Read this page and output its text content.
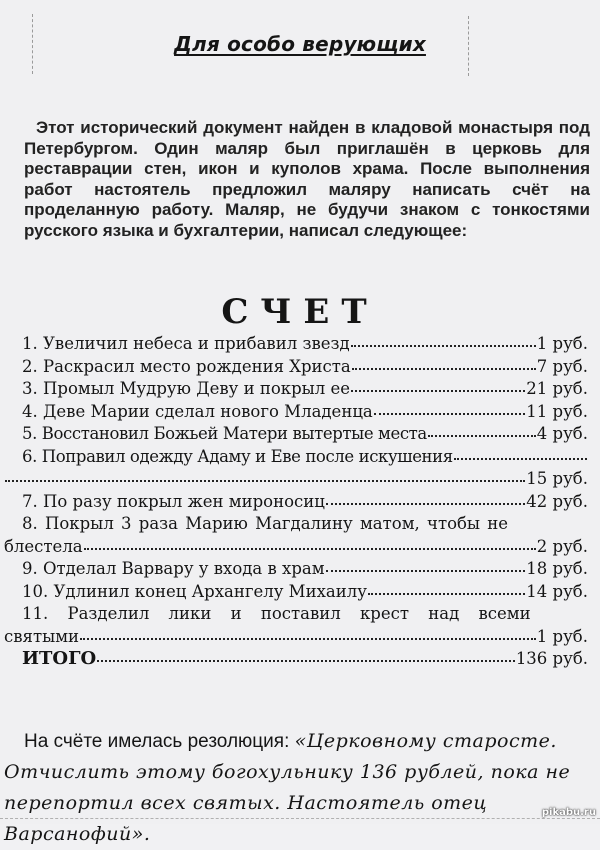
Для особо верующих
Этот исторический документ найден в кладовой монастыря под Петербургом. Один маляр был приглашён в церковь для реставрации стен, икон и куполов храма. После выполнения работ настоятель предложил маляру написать счёт на проделанную работу. Маляр, не будучи знаком с тонкостями русского языка и бухгалтерии, написал следующее:
СЧЕТ
1. Увеличил небеса и прибавил звезд	1 руб.
2. Раскрасил место рождения Христа	7 руб.
3. Промыл Мудрую Деву и покрыл ее	21 руб.
4. Деве Марии сделал нового Младенца	11 руб.
5. Восстановил Божьей Матери вытертые места	4 руб.
6. Поправил одежду Адаму и Еве после искушения
15 руб.
7. По разу покрыл жен мироносиц	42 руб.
8. Покрыл 3 раза Марию Магдалину матом, чтобы не
блестела	2 руб.
9. Отделал Варвару у входа в храм	18 руб.
10. Удлинил конец Архангелу Михаилу	14 руб.
11. Разделил лики и поставил крест над всеми
святыми	1 руб.
ИТОГО	136 руб.
На счёте имелась резолюция: «Церковному старосте. Отчислить этому богохульнику 136 рублей, пока не перепортил всех святых. Настоятель отец Варсанофий».
pikabu.ru
